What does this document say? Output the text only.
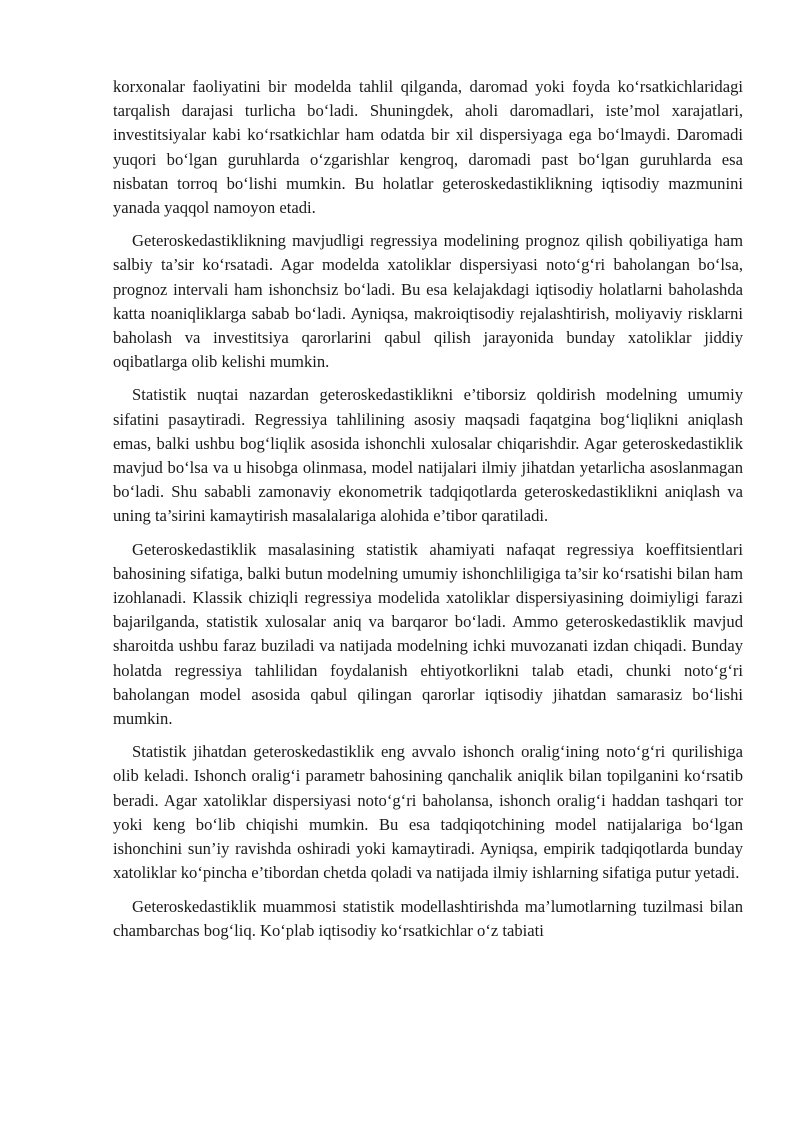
korxonalar faoliyatini bir modelda tahlil qilganda, daromad yoki foyda ko‘rsatkichlaridagi tarqalish darajasi turlicha bo‘ladi. Shuningdek, aholi daromadlari, iste’mol xarajatlari, investitsiyalar kabi ko‘rsatkichlar ham odatda bir xil dispersiyaga ega bo‘lmaydi. Daromadi yuqori bo‘lgan guruhlarda o‘zgarishlar kengroq, daromadi past bo‘lgan guruhlarda esa nisbatan torroq bo‘lishi mumkin. Bu holatlar geteroskedastiklikning iqtisodiy mazmunini yanada yaqqol namoyon etadi.

Geteroskedastiklikning mavjudligi regressiya modelining prognoz qilish qobiliyatiga ham salbiy ta’sir ko‘rsatadi. Agar modelda xatoliklar dispersiyasi noto‘g‘ri baholangan bo‘lsa, prognoz intervali ham ishonchsiz bo‘ladi. Bu esa kelajakdagi iqtisodiy holatlarni baholashda katta noaniqliklarga sabab bo‘ladi. Ayniqsa, makroiqtisodiy rejalashtirish, moliyaviy risklarni baholash va investitsiya qarorlarini qabul qilish jarayonida bunday xatoliklar jiddiy oqibatlarga olib kelishi mumkin.

Statistik nuqtai nazardan geteroskedastiklikni e’tiborsiz qoldirish modelning umumiy sifatini pasaytiradi. Regressiya tahlilining asosiy maqsadi faqatgina bog‘liqlikni aniqlash emas, balki ushbu bog‘liqlik asosida ishonchli xulosalar chiqarishdir. Agar geteroskedastiklik mavjud bo‘lsa va u hisobga olinmasa, model natijalari ilmiy jihatdan yetarlicha asoslanmagan bo‘ladi. Shu sababli zamonaviy ekonometrik tadqiqotlarda geteroskedastiklikni aniqlash va uning ta’sirini kamaytirish masalalariga alohida e’tibor qaratiladi.

Geteroskedastiklik masalasining statistik ahamiyati nafaqat regressiya koeffitsientlari bahosining sifatiga, balki butun modelning umumiy ishonchliligiga ta’sir ko‘rsatishi bilan ham izohlanadi. Klassik chiziqli regressiya modelida xatoliklar dispersiyasining doimiyligi farazi bajarilganda, statistik xulosalar aniq va barqaror bo‘ladi. Ammo geteroskedastiklik mavjud sharoitda ushbu faraz buziladi va natijada modelning ichki muvozanati izdan chiqadi. Bunday holatda regressiya tahlilidan foydalanish ehtiyotkorlikni talab etadi, chunki noto‘g‘ri baholangan model asosida qabul qilingan qarorlar iqtisodiy jihatdan samarasiz bo‘lishi mumkin.

Statistik jihatdan geteroskedastiklik eng avvalo ishonch oralig‘ining noto‘g‘ri qurilishiga olib keladi. Ishonch oralig‘i parametr bahosining qanchalik aniqlik bilan topilganini ko‘rsatib beradi. Agar xatoliklar dispersiyasi noto‘g‘ri baholansa, ishonch oralig‘i haddan tashqari tor yoki keng bo‘lib chiqishi mumkin. Bu esa tadqiqotchining model natijalariga bo‘lgan ishonchini sun’iy ravishda oshiradi yoki kamaytiradi. Ayniqsa, empirik tadqiqotlarda bunday xatoliklar ko‘pincha e’tibordan chetda qoladi va natijada ilmiy ishlarning sifatiga putur yetadi.

Geteroskedastiklik muammosi statistik modellashtirishda ma’lumotlarning tuzilmasi bilan chambarchas bog‘liq. Ko‘plab iqtisodiy ko‘rsatkichlar o‘z tabiati
